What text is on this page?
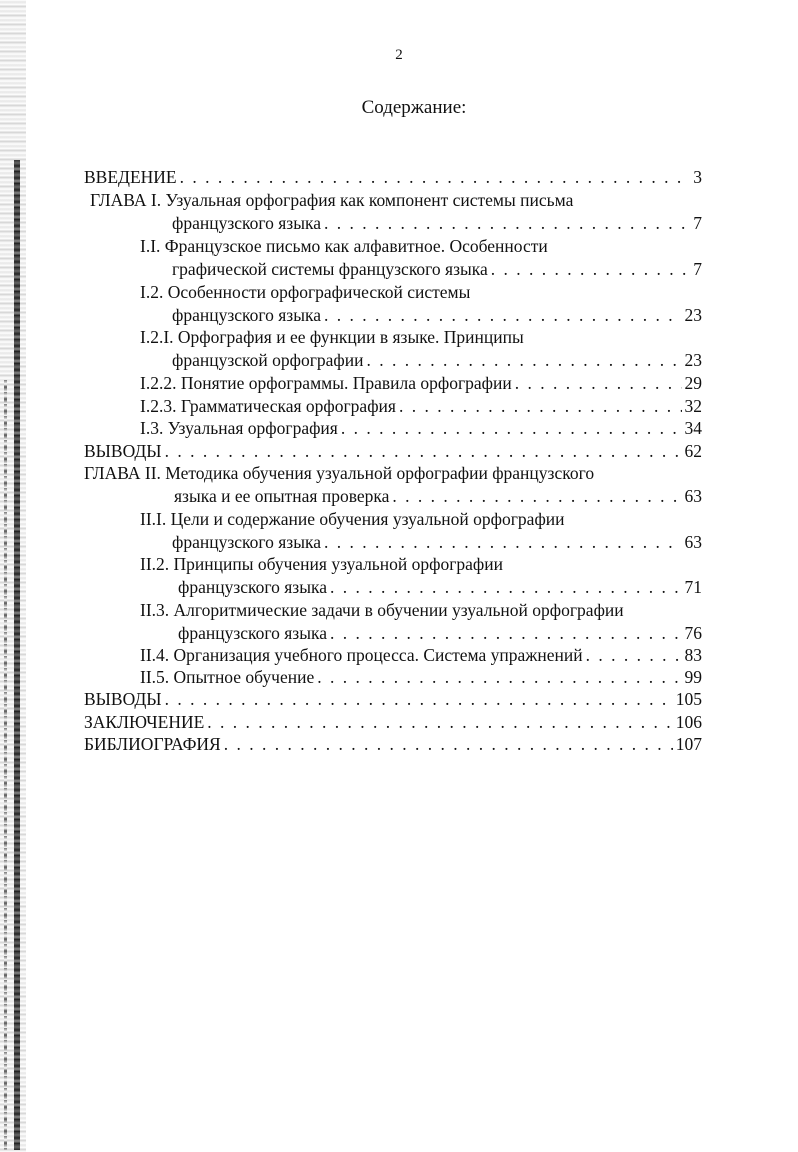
2
Содержание:
ВВЕДЕНИЕ . . .	3
ГЛАВА I. Узуальная орфография как компонент системы письма
французского языка . . .	7
I.I. Французское письмо как алфавитное. Особенности
графической системы французского языка . . .	7
I.2. Особенности орфографической системы
французского языка . . .	23
I.2.I. Орфография и ее функции в языке. Принципы
французской орфографии . . .	23
I.2.2. Понятие орфограммы. Правила орфографии . . .	29
I.2.3. Грамматическая орфография . . .	32
I.3. Узуальная орфография . . .	34
ВЫВОДЫ . . .	62
ГЛАВА II. Методика обучения узуальной орфографии французского
языка и ее опытная проверка . . .	63
II.I. Цели и содержание обучения узуальной орфографии
французского языка . . .	63
II.2. Принципы обучения узуальной орфографии
французского языка . . .	71
II.3. Алгоритмические задачи в обучении узуальной орфографии
французского языка . . .	76
II.4. Организация учебного процесса. Система упражнений . . .	83
II.5. Опытное обучение . . .	99
ВЫВОДЫ . . .	105
ЗАКЛЮЧЕНИЕ . . .	106
БИБЛИОГРАФИЯ . . .	107
